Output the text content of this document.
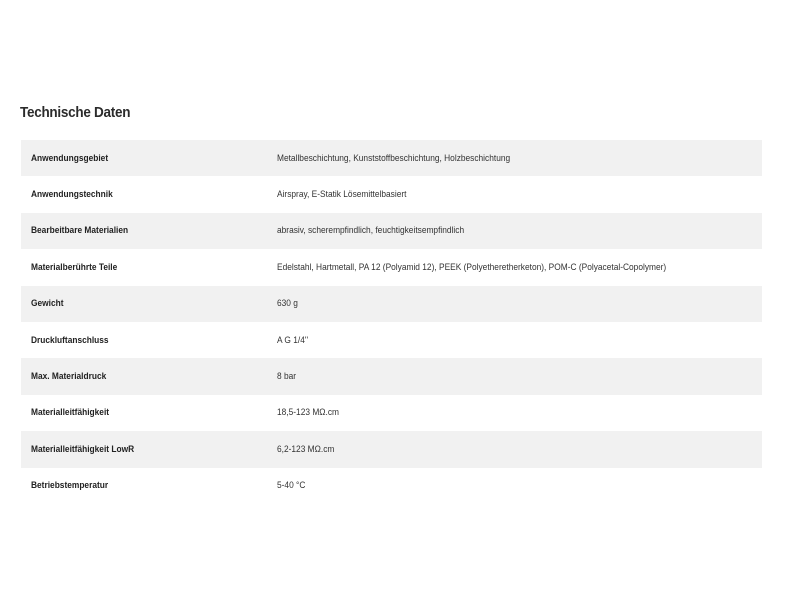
Technische Daten
Anwendungsgebiet	Metallbeschichtung, Kunststoffbeschichtung, Holzbeschichtung
Anwendungstechnik	Airspray, E-Statik Lösemittelbasiert
Bearbeitbare Materialien	abrasiv, scherempfindlich, feuchtigkeitsempfindlich
Materialberührte Teile	Edelstahl, Hartmetall, PA 12 (Polyamid 12), PEEK (Polyetheretherketon), POM-C (Polyacetal-Copolymer)
Gewicht	630 g
Druckluftanschluss	A G 1/4''
Max. Materialdruck	8 bar
Materialleitfähigkeit	18,5-123 MΩ.cm
Materialleitfähigkeit LowR	6,2-123 MΩ.cm
Betriebstemperatur	5-40 °C
